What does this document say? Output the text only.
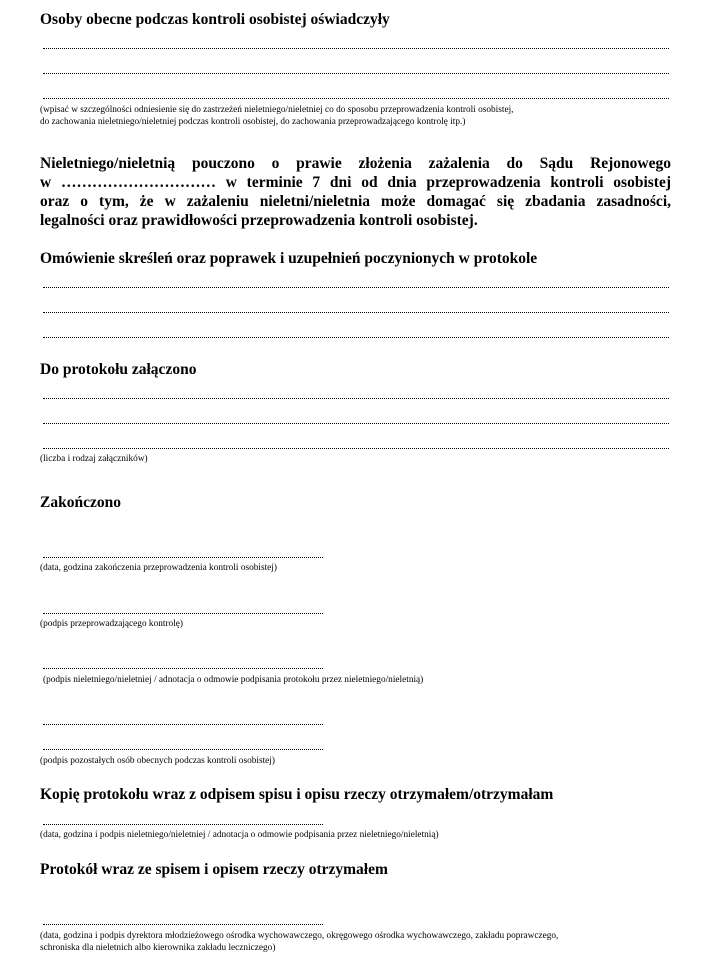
Osoby obecne podczas kontroli osobistej oświadczyły
(wpisać w szczególności odniesienie się do zastrzeżeń nieletniego/nieletniej co do sposobu przeprowadzenia kontroli osobistej,
do zachowania nieletniego/nieletniej podczas kontroli osobistej, do zachowania przeprowadzającego kontrolę itp.)
Nieletniego/nieletnią pouczono o prawie złożenia zażalenia do Sądu Rejonowego
w ………………………… w terminie 7 dni od dnia przeprowadzenia kontroli osobistej
oraz o tym, że w zażaleniu nieletni/nieletnia może domagać się zbadania zasadności,
legalności oraz prawidłowości przeprowadzenia kontroli osobistej.
Omówienie skreśleń oraz poprawek i uzupełnień poczynionych w protokole
Do protokołu załączono
(liczba i rodzaj załączników)
Zakończono
(data, godzina zakończenia przeprowadzenia kontroli osobistej)
(podpis przeprowadzającego kontrolę)
(podpis nieletniego/nieletniej / adnotacja o odmowie podpisania protokołu przez nieletniego/nieletnią)
(podpis pozostałych osób obecnych podczas kontroli osobistej)
Kopię protokołu wraz z odpisem spisu i opisu rzeczy otrzymałem/otrzymałam
(data, godzina i podpis nieletniego/nieletniej / adnotacja o odmowie podpisania przez nieletniego/nieletnią)
Protokół wraz ze spisem i opisem rzeczy otrzymałem
(data, godzina i podpis dyrektora młodzieżowego ośrodka wychowawczego, okręgowego ośrodka wychowawczego, zakładu poprawczego,
schroniska dla nieletnich albo kierownika zakładu leczniczego)
